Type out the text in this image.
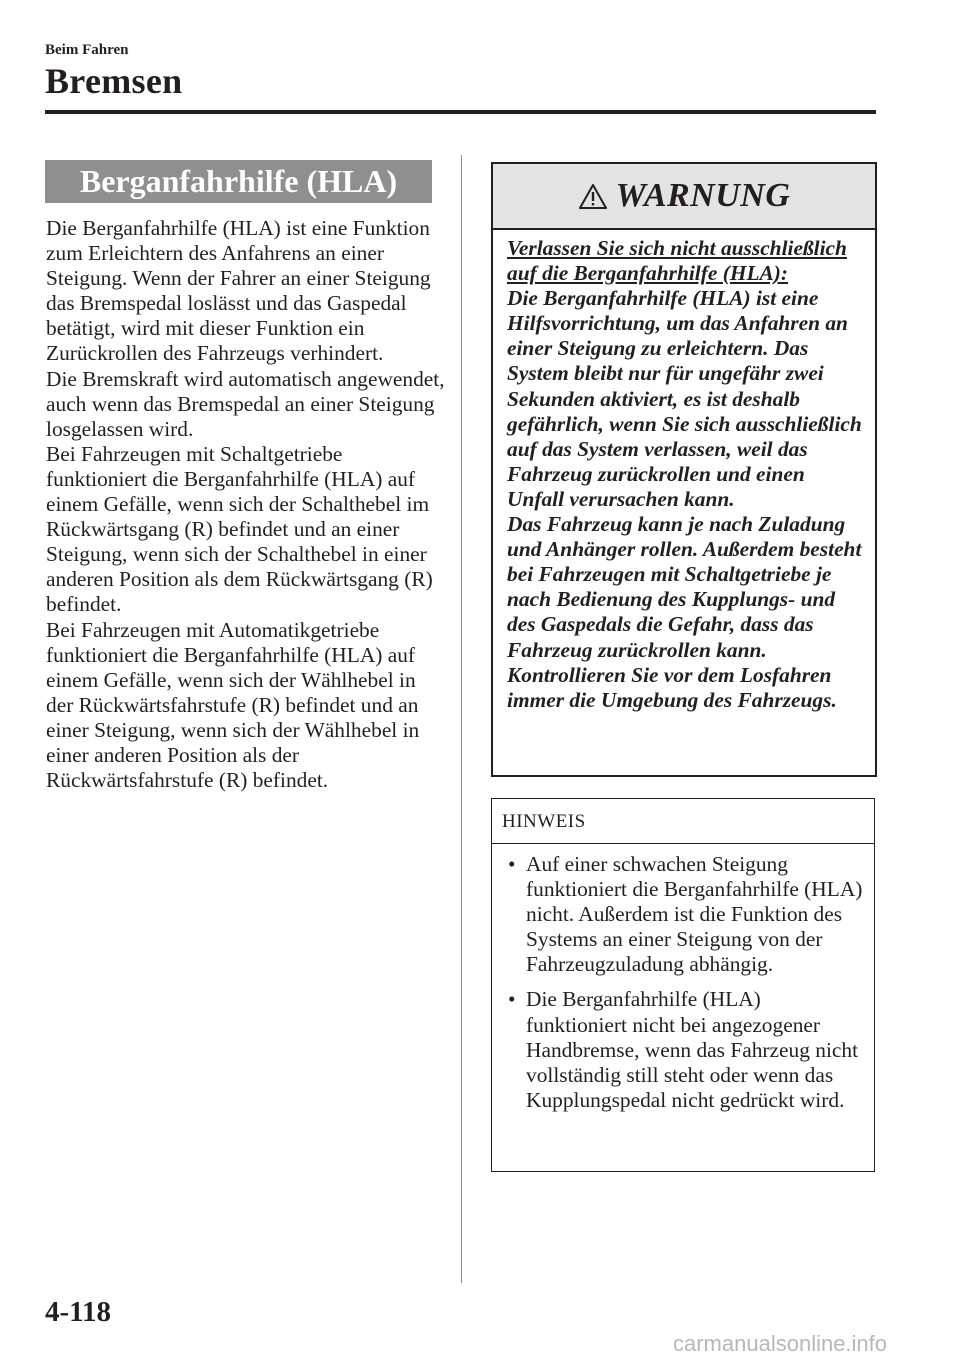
Beim Fahren
Bremsen
Berganfahrhilfe (HLA)
Die Berganfahrhilfe (HLA) ist eine Funktion zum Erleichtern des Anfahrens an einer Steigung. Wenn der Fahrer an einer Steigung das Bremspedal loslässt und das Gaspedal betätigt, wird mit dieser Funktion ein Zurückrollen des Fahrzeugs verhindert.
Die Bremskraft wird automatisch angewendet, auch wenn das Bremspedal an einer Steigung losgelassen wird.
Bei Fahrzeugen mit Schaltgetriebe funktioniert die Berganfahrhilfe (HLA) auf einem Gefälle, wenn sich der Schalthebel im Rückwärtsgang (R) befindet und an einer Steigung, wenn sich der Schalthebel in einer anderen Position als dem Rückwärtsgang (R) befindet.
Bei Fahrzeugen mit Automatikgetriebe funktioniert die Berganfahrhilfe (HLA) auf einem Gefälle, wenn sich der Wählhebel in der Rückwärtsfahrstufe (R) befindet und an einer Steigung, wenn sich der Wählhebel in einer anderen Position als der Rückwärtsfahrstufe (R) befindet.
WARNUNG
Verlassen Sie sich nicht ausschließlich auf die Berganfahrhilfe (HLA):
Die Berganfahrhilfe (HLA) ist eine Hilfsvorrichtung, um das Anfahren an einer Steigung zu erleichtern. Das System bleibt nur für ungefähr zwei Sekunden aktiviert, es ist deshalb gefährlich, wenn Sie sich ausschließlich auf das System verlassen, weil das Fahrzeug zurückrollen und einen Unfall verursachen kann.
Das Fahrzeug kann je nach Zuladung und Anhänger rollen. Außerdem besteht bei Fahrzeugen mit Schaltgetriebe je nach Bedienung des Kupplungs- und des Gaspedals die Gefahr, dass das Fahrzeug zurückrollen kann.
Kontrollieren Sie vor dem Losfahren immer die Umgebung des Fahrzeugs.
HINWEIS
• Auf einer schwachen Steigung funktioniert die Berganfahrhilfe (HLA) nicht. Außerdem ist die Funktion des Systems an einer Steigung von der Fahrzeugzuladung abhängig.
• Die Berganfahrhilfe (HLA) funktioniert nicht bei angezogener Handbremse, wenn das Fahrzeug nicht vollständig still steht oder wenn das Kupplungspedal nicht gedrückt wird.
4-118
carmanualsonline.info
